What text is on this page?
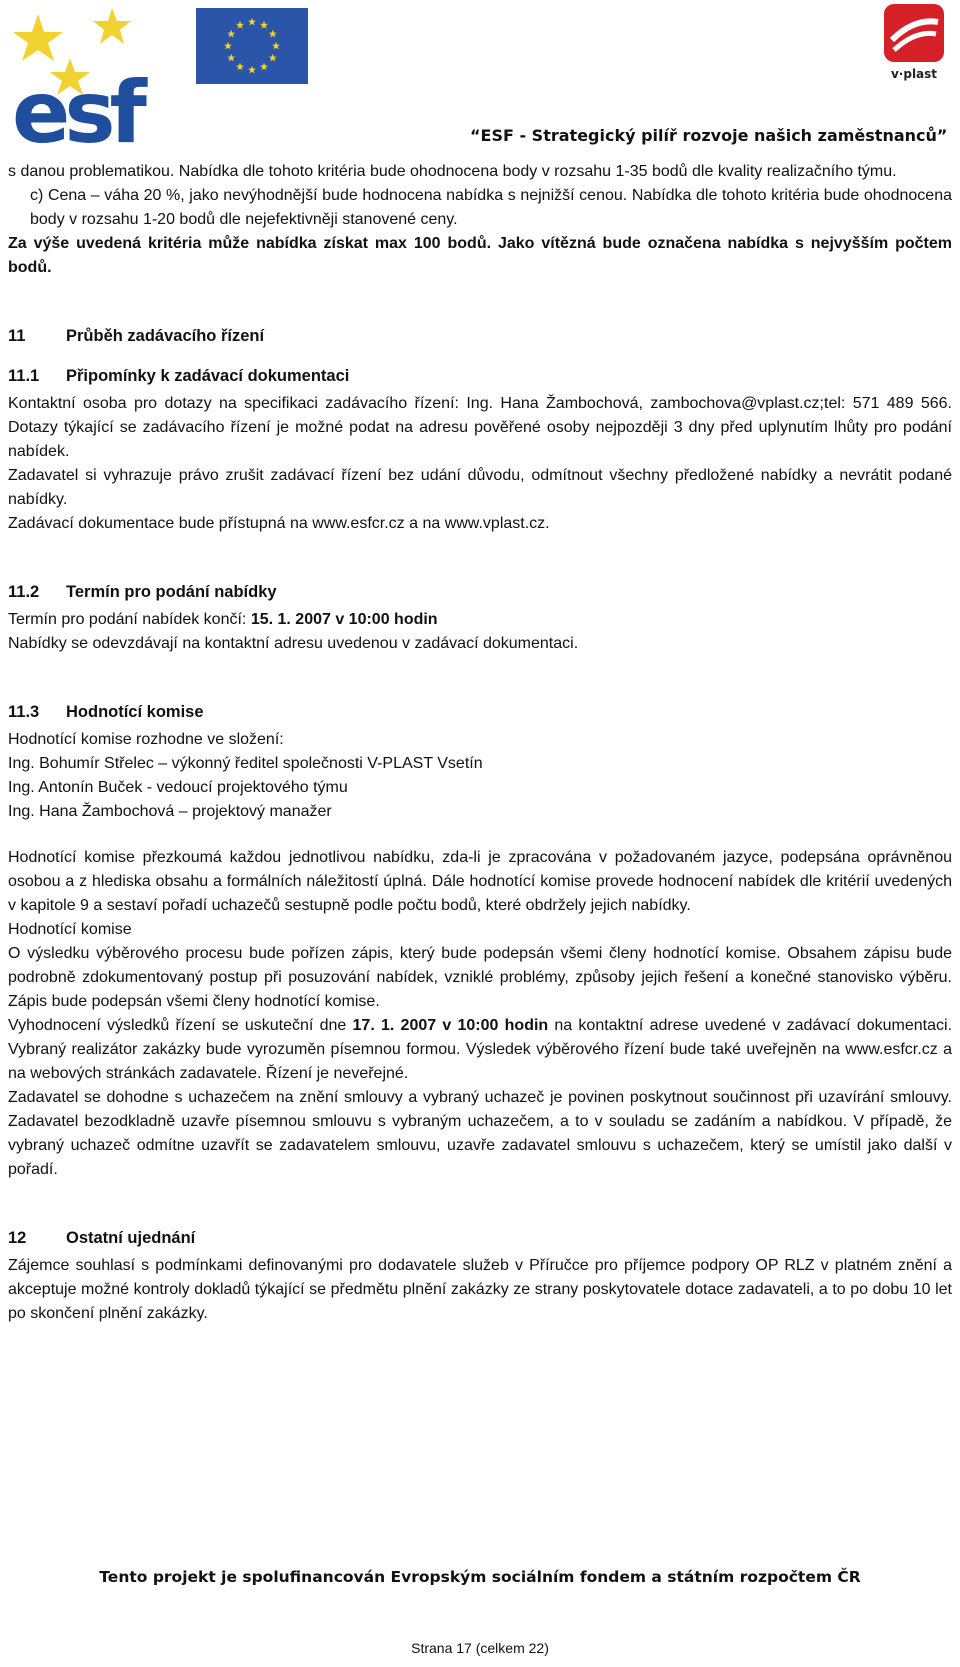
esf	v·plast
“ESF - Strategický pilíř rozvoje našich zaměstnanců”

s danou problematikou. Nabídka dle tohoto kritéria bude ohodnocena body v rozsahu 1-35 bodů dle kvality realizačního týmu.

c) Cena – váha 20 %, jako nevýhodnější bude hodnocena nabídka s nejnižší cenou. Nabídka dle tohoto kritéria bude ohodnocena body v rozsahu 1-20 bodů dle nejefektivněji stanovené ceny.

Za výše uvedená kritéria může nabídka získat max 100 bodů. Jako vítězná bude označena nabídka s nejvyšším počtem bodů.

11 Průběh zadávacího řízení
11.1 Připomínky k zadávací dokumentaci

Kontaktní osoba pro dotazy na specifikaci zadávacího řízení: Ing. Hana Žambochová, zambochova@vplast.cz;tel: 571 489 566. Dotazy týkající se zadávacího řízení je možné podat na adresu pověřené osoby nejpozději 3 dny před uplynutím lhůty pro podání nabídek.

Zadavatel si vyhrazuje právo zrušit zadávací řízení bez udání důvodu, odmítnout všechny předložené nabídky a nevrátit podané nabídky.

Zadávací dokumentace bude přístupná na www.esfcr.cz a na www.vplast.cz.

11.2 Termín pro podání nabídky

Termín pro podání nabídek končí: 15. 1. 2007 v 10:00 hodin

Nabídky se odevzdávají na kontaktní adresu uvedenou v zadávací dokumentaci.

11.3 Hodnotící komise

Hodnotící komise rozhodne ve složení:

Ing. Bohumír Střelec – výkonný ředitel společnosti V-PLAST Vsetín

Ing. Antonín Buček - vedoucí projektového týmu

Ing. Hana Žambochová – projektový manažer

Hodnotící komise přezkoumá každou jednotlivou nabídku, zda-li je zpracována v požadovaném jazyce, podepsána oprávněnou osobou a z hlediska obsahu a formálních náležitostí úplná. Dále hodnotící komise provede hodnocení nabídek dle kritérií uvedených v kapitole 9 a sestaví pořadí uchazečů sestupně podle počtu bodů, které obdržely jejich nabídky.

Hodnotící komise

O výsledku výběrového procesu bude pořízen zápis, který bude podepsán všemi členy hodnotící komise. Obsahem zápisu bude podrobně zdokumentovaný postup při posuzování nabídek, vzniklé problémy, způsoby jejich řešení a konečné stanovisko výběru. Zápis bude podepsán všemi členy hodnotící komise.

Vyhodnocení výsledků řízení se uskuteční dne 17. 1. 2007 v 10:00 hodin na kontaktní adrese uvedené v zadávací dokumentaci. Vybraný realizátor zakázky bude vyrozuměn písemnou formou. Výsledek výběrového řízení bude také uveřejněn na www.esfcr.cz a na webových stránkách zadavatele. Řízení je neveřejné.

Zadavatel se dohodne s uchazečem na znění smlouvy a vybraný uchazeč je povinen poskytnout součinnost při uzavírání smlouvy. Zadavatel bezodkladně uzavře písemnou smlouvu s vybraným uchazečem, a to v souladu se zadáním a nabídkou. V případě, že vybraný uchazeč odmítne uzavřít se zadavatelem smlouvu, uzavře zadavatel smlouvu s uchazečem, který se umístil jako další v pořadí.

12 Ostatní ujednání

Zájemce souhlasí s podmínkami definovanými pro dodavatele služeb v Příručce pro příjemce podpory OP RLZ v platném znění a akceptuje možné kontroly dokladů týkající se předmětu plnění zakázky ze strany poskytovatele dotace zadavateli, a to po dobu 10 let po skončení plnění zakázky.

Tento projekt je spolufinancován Evropským sociálním fondem a státním rozpočtem ČR
Strana 17 (celkem 22)
